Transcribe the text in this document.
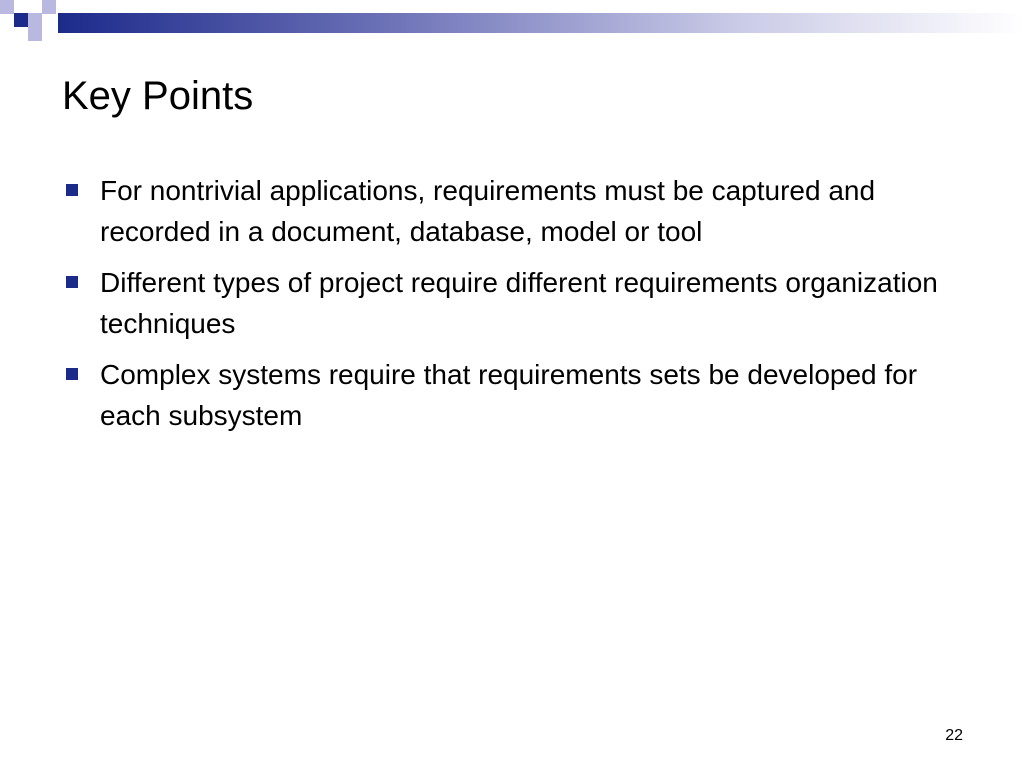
Key Points
For nontrivial applications, requirements must be captured and recorded in a document, database, model or tool
Different types of project require different requirements organization techniques
Complex systems require that requirements sets be developed for each subsystem
22
